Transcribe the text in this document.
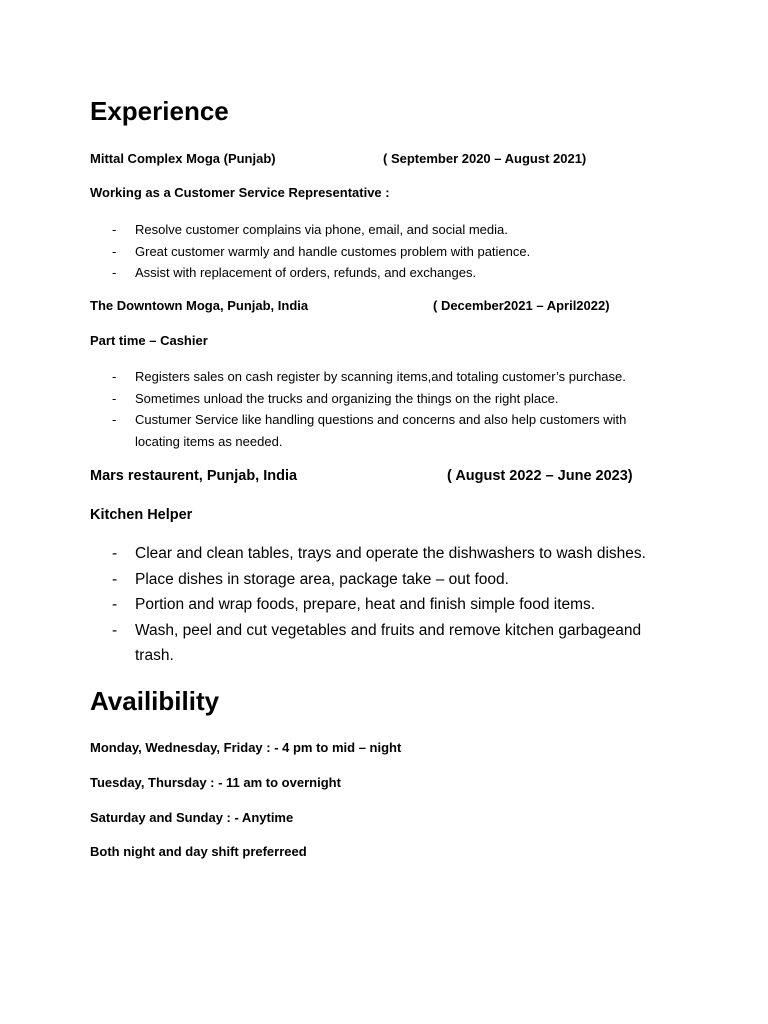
Experience
Mittal Complex Moga (Punjab)	( September 2020 – August 2021)
Working as a Customer Service Representative :
- Resolve customer complains via phone, email, and social media.
- Great customer warmly and handle customes problem with patience.
- Assist with replacement of orders, refunds, and exchanges.
The Downtown Moga, Punjab, India	( December2021 – April2022)
Part time – Cashier
- Registers sales on cash register by scanning items,and totaling customer’s purchase.
- Sometimes unload the trucks and organizing the things on the right place.
- Custumer Service like handling questions and concerns and also help customers with locating items as needed.
Mars restaurent, Punjab, India	( August 2022 – June 2023)
Kitchen Helper
- Clear and clean tables, trays and operate the dishwashers to wash dishes.
- Place dishes in storage area, package take – out food.
- Portion and wrap foods, prepare, heat and finish simple food items.
- Wash, peel and cut vegetables and fruits and remove kitchen garbageand trash.
Availibility
Monday, Wednesday, Friday : - 4 pm to mid – night
Tuesday, Thursday : - 11 am to overnight
Saturday and Sunday : - Anytime
Both night and day shift preferreed
